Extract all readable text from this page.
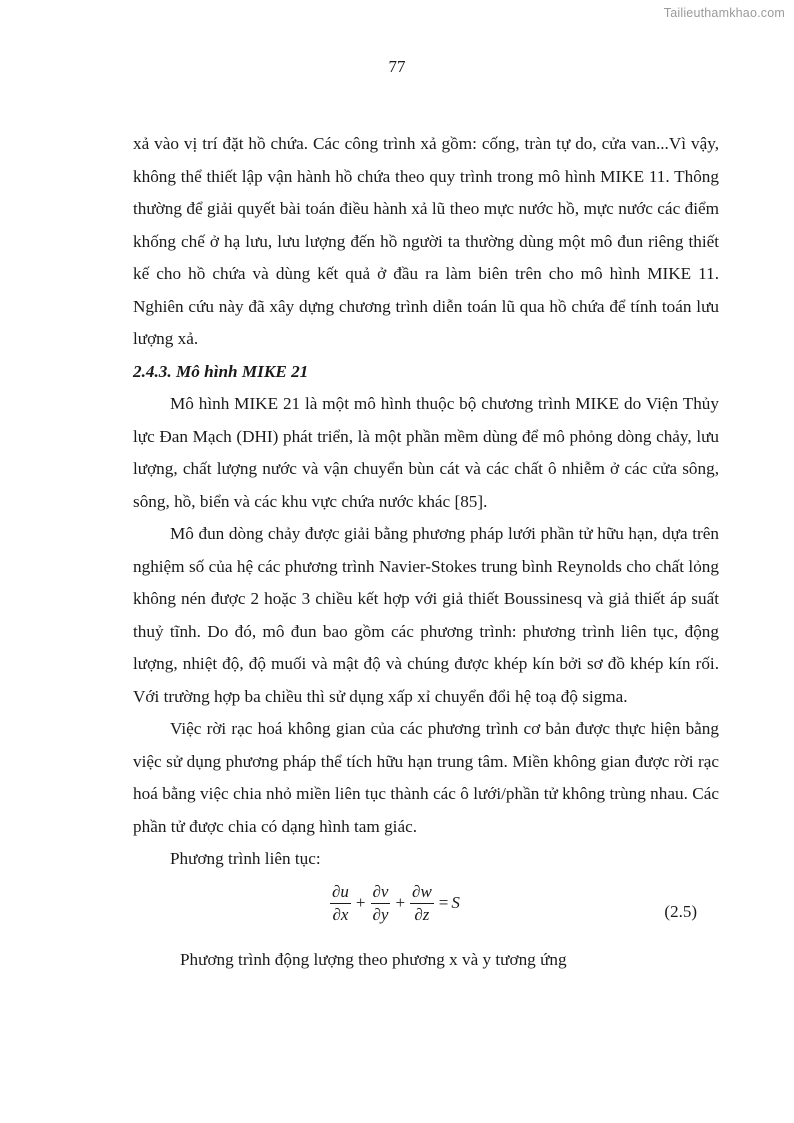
Tailieuthamkhao.com
77

xả vào vị trí đặt hồ chứa. Các công trình xả gồm: cống, tràn tự do, cửa van...Vì vậy, không thể thiết lập vận hành hồ chứa theo quy trình trong mô hình MIKE 11. Thông thường để giải quyết bài toán điều hành xả lũ theo mực nước hồ, mực nước các điểm khống chế ở hạ lưu, lưu lượng đến hồ người ta thường dùng một mô đun riêng thiết kế cho hồ chứa và dùng kết quả ở đầu ra làm biên trên cho mô hình MIKE 11. Nghiên cứu này đã xây dựng chương trình diễn toán lũ qua hồ chứa để tính toán lưu lượng xả.

2.4.3. Mô hình MIKE 21

Mô hình MIKE 21 là một mô hình thuộc bộ chương trình MIKE do Viện Thủy lực Đan Mạch (DHI) phát triển, là một phần mềm dùng để mô phỏng dòng chảy, lưu lượng, chất lượng nước và vận chuyển bùn cát và các chất ô nhiễm ở các cửa sông, sông, hồ, biển và các khu vực chứa nước khác [85].

Mô đun dòng chảy được giải bằng phương pháp lưới phần tử hữu hạn, dựa trên nghiệm số của hệ các phương trình Navier-Stokes trung bình Reynolds cho chất lỏng không nén được 2 hoặc 3 chiều kết hợp với giả thiết Boussinesq và giả thiết áp suất thuỷ tĩnh. Do đó, mô đun bao gồm các phương trình: phương trình liên tục, động lượng, nhiệt độ, độ muối và mật độ và chúng được khép kín bởi sơ đồ khép kín rối. Với trường hợp ba chiều thì sử dụng xấp xỉ chuyển đổi hệ toạ độ sigma.

Việc rời rạc hoá không gian của các phương trình cơ bản được thực hiện bằng việc sử dụng phương pháp thể tích hữu hạn trung tâm. Miền không gian được rời rạc hoá bằng việc chia nhỏ miền liên tục thành các ô lưới/phần tử không trùng nhau. Các phần tử được chia có dạng hình tam giác.

Phương trình liên tục:

$\frac{\partial u}{\partial x} + \frac{\partial v}{\partial y} + \frac{\partial w}{\partial z} = S$	(2.5)

Phương trình động lượng theo phương x và y tương ứng
